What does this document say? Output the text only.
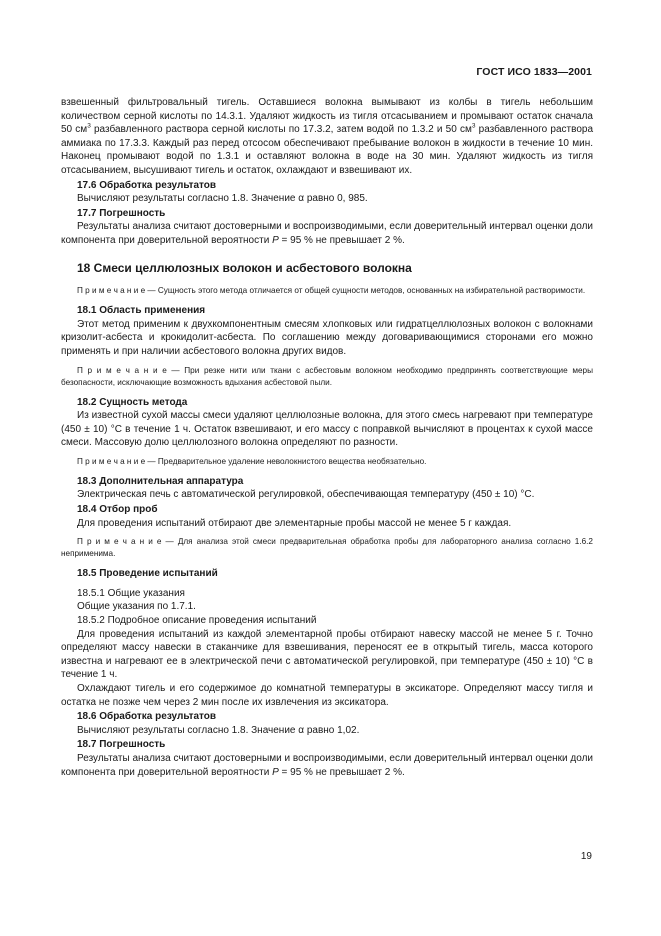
ГОСТ ИСО 1833—2001

взвешенный фильтровальный тигель. Оставшиеся волокна вымывают из колбы в тигель небольшим количеством серной кислоты по 14.3.1. Удаляют жидкость из тигля отсасыванием и промывают остаток сначала 50 $см^3$ разбавленного раствора серной кислоты по 17.3.2, затем водой по 1.3.2 и 50 $см^3$ разбавленного раствора аммиака по 17.3.3. Каждый раз перед отсосом обеспечивают пребывание волокон в жидкости в течение 10 мин. Наконец промывают водой по 1.3.1 и оставляют волокна в воде на 30 мин. Удаляют жидкость из тигля отсасыванием, высушивают тигель и остаток, охлаждают и взвешивают их.

17.6 Обработка результатов

Вычисляют результаты согласно 1.8. Значение α равно 0, 985.

17.7 Погрешность

Результаты анализа считают достоверными и воспроизводимыми, если доверительный интервал оценки доли компонента при доверительной вероятности P = 95 % не превышает 2 %.

18 Смеси целлюлозных волокон и асбестового волокна

П р и м е ч а н и е — Сущность этого метода отличается от общей сущности методов, основанных на избирательной растворимости.

18.1 Область применения

Этот метод применим к двухкомпонентным смесям хлопковых или гидратцеллюлозных волокон с волокнами кризолит-асбеста и крокидолит-асбеста. По соглашению между договаривающимися сторонами его можно применять и при наличии асбестового волокна других видов.

П р и м е ч а н и е — При резке нити или ткани с асбестовым волокном необходимо предпринять соответствующие меры безопасности, исключающие возможность вдыхания асбестовой пыли.

18.2 Сущность метода

Из известной сухой массы смеси удаляют целлюлозные волокна, для этого смесь нагревают при температуре (450 ± 10) °С в течение 1 ч. Остаток взвешивают, и его массу с поправкой вычисляют в процентах к сухой массе смеси. Массовую долю целлюлозного волокна определяют по разности.

П р и м е ч а н и е — Предварительное удаление неволокнистого вещества необязательно.

18.3 Дополнительная аппаратура

Электрическая печь с автоматической регулировкой, обеспечивающая температуру (450 ± 10) °С.

18.4 Отбор проб

Для проведения испытаний отбирают две элементарные пробы массой не менее 5 г каждая.

П р и м е ч а н и е — Для анализа этой смеси предварительная обработка пробы для лабораторного анализа согласно 1.6.2 неприменима.

18.5 Проведение испытаний

18.5.1 Общие указания

Общие указания по 1.7.1.

18.5.2 Подробное описание проведения испытаний

Для проведения испытаний из каждой элементарной пробы отбирают навеску массой не менее 5 г. Точно определяют массу навески в стаканчике для взвешивания, переносят ее в открытый тигель, масса которого известна и нагревают ее в электрической печи с автоматической регулировкой, при температуре (450 ± 10) °С в течение 1 ч.

Охлаждают тигель и его содержимое до комнатной температуры в эксикаторе. Определяют массу тигля и остатка не позже чем через 2 мин после их извлечения из эксикатора.

18.6 Обработка результатов

Вычисляют результаты согласно 1.8. Значение α равно 1,02.

18.7 Погрешность

Результаты анализа считают достоверными и воспроизводимыми, если доверительный интервал оценки доли компонента при доверительной вероятности P = 95 % не превышает 2 %.

19
